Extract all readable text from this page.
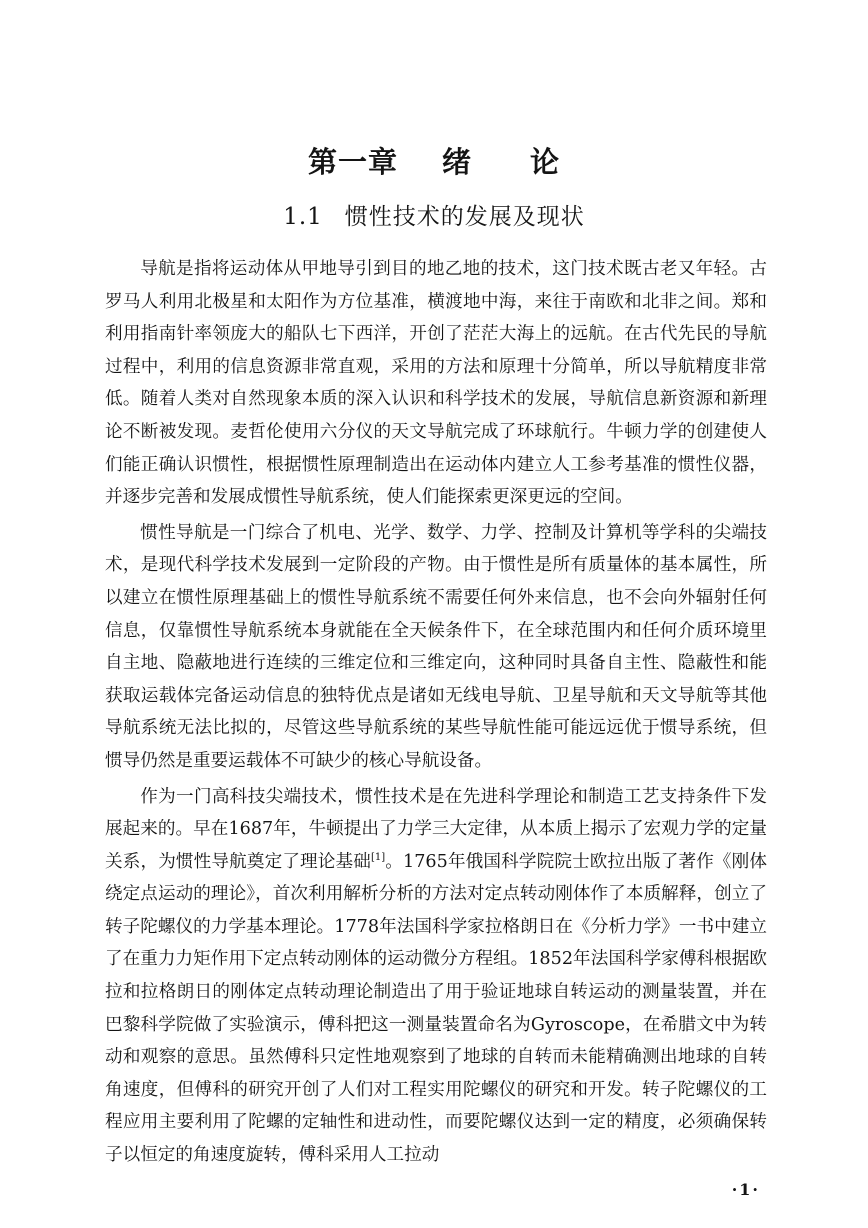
第一章 绪 论
1.1 惯性技术的发展及现状

导航是指将运动体从甲地导引到目的地乙地的技术，这门技术既古老又年轻。古罗马人利用北极星和太阳作为方位基准，横渡地中海，来往于南欧和北非之间。郑和利用指南针率领庞大的船队七下西洋，开创了茫茫大海上的远航。在古代先民的导航过程中，利用的信息资源非常直观，采用的方法和原理十分简单，所以导航精度非常低。随着人类对自然现象本质的深入认识和科学技术的发展，导航信息新资源和新理论不断被发现。麦哲伦使用六分仪的天文导航完成了环球航行。牛顿力学的创建使人们能正确认识惯性，根据惯性原理制造出在运动体内建立人工参考基准的惯性仪器，并逐步完善和发展成惯性导航系统，使人们能探索更深更远的空间。

惯性导航是一门综合了机电、光学、数学、力学、控制及计算机等学科的尖端技术，是现代科学技术发展到一定阶段的产物。由于惯性是所有质量体的基本属性，所以建立在惯性原理基础上的惯性导航系统不需要任何外来信息，也不会向外辐射任何信息，仅靠惯性导航系统本身就能在全天候条件下，在全球范围内和任何介质环境里自主地、隐蔽地进行连续的三维定位和三维定向，这种同时具备自主性、隐蔽性和能获取运载体完备运动信息的独特优点是诸如无线电导航、卫星导航和天文导航等其他导航系统无法比拟的，尽管这些导航系统的某些导航性能可能远远优于惯导系统，但惯导仍然是重要运载体不可缺少的核心导航设备。

作为一门高科技尖端技术，惯性技术是在先进科学理论和制造工艺支持条件下发展起来的。早在1687年，牛顿提出了力学三大定律，从本质上揭示了宏观力学的定量关系，为惯性导航奠定了理论基础[1]。1765年俄国科学院院士欧拉出版了著作《刚体绕定点运动的理论》，首次利用解析分析的方法对定点转动刚体作了本质解释，创立了转子陀螺仪的力学基本理论。1778年法国科学家拉格朗日在《分析力学》一书中建立了在重力力矩作用下定点转动刚体的运动微分方程组。1852年法国科学家傅科根据欧拉和拉格朗日的刚体定点转动理论制造出了用于验证地球自转运动的测量装置，并在巴黎科学院做了实验演示，傅科把这一测量装置命名为Gyroscope，在希腊文中为转动和观察的意思。虽然傅科只定性地观察到了地球的自转而未能精确测出地球的自转角速度，但傅科的研究开创了人们对工程实用陀螺仪的研究和开发。转子陀螺仪的工程应用主要利用了陀螺的定轴性和进动性，而要陀螺仪达到一定的精度，必须确保转子以恒定的角速度旋转，傅科采用人工拉动

·1·
